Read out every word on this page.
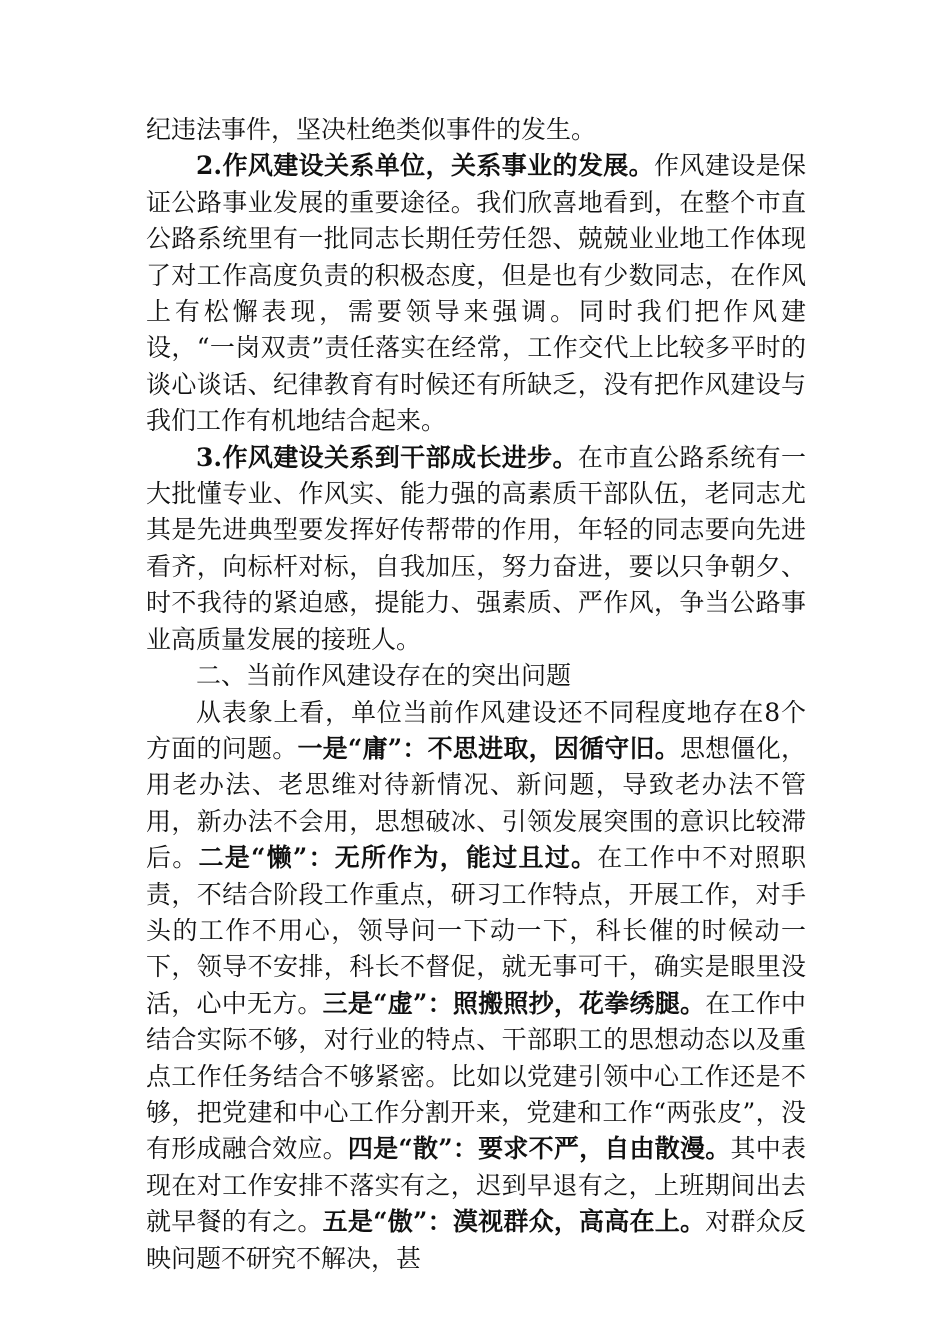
纪违法事件，坚决杜绝类似事件的发生。

2.作风建设关系单位，关系事业的发展。作风建设是保证公路事业发展的重要途径。我们欣喜地看到，在整个市直公路系统里有一批同志长期任劳任怨、兢兢业业地工作体现了对工作高度负责的积极态度，但是也有少数同志，在作风上有松懈表现，需要领导来强调。同时我们把作风建设，“一岗双责”责任落实在经常，工作交代上比较多平时的谈心谈话、纪律教育有时候还有所缺乏，没有把作风建设与我们工作有机地结合起来。

3.作风建设关系到干部成长进步。在市直公路系统有一大批懂专业、作风实、能力强的高素质干部队伍，老同志尤其是先进典型要发挥好传帮带的作用，年轻的同志要向先进看齐，向标杆对标，自我加压，努力奋进，要以只争朝夕、时不我待的紧迫感，提能力、强素质、严作风，争当公路事业高质量发展的接班人。

二、当前作风建设存在的突出问题

从表象上看，单位当前作风建设还不同程度地存在8个方面的问题。一是“庸”：不思进取，因循守旧。思想僵化，用老办法、老思维对待新情况、新问题，导致老办法不管用，新办法不会用，思想破冰、引领发展突围的意识比较滞后。二是“懒”：无所作为，能过且过。在工作中不对照职责，不结合阶段工作重点，研习工作特点，开展工作，对手头的工作不用心，领导问一下动一下，科长催的时候动一下，领导不安排，科长不督促，就无事可干，确实是眼里没活，心中无方。三是“虚”：照搬照抄，花拳绣腿。在工作中结合实际不够，对行业的特点、干部职工的思想动态以及重点工作任务结合不够紧密。比如以党建引领中心工作还是不够，把党建和中心工作分割开来，党建和工作“两张皮”，没有形成融合效应。四是“散”：要求不严，自由散漫。其中表现在对工作安排不落实有之，迟到早退有之，上班期间出去就早餐的有之。五是“傲”：漠视群众，高高在上。对群众反映问题不研究不解决，甚
